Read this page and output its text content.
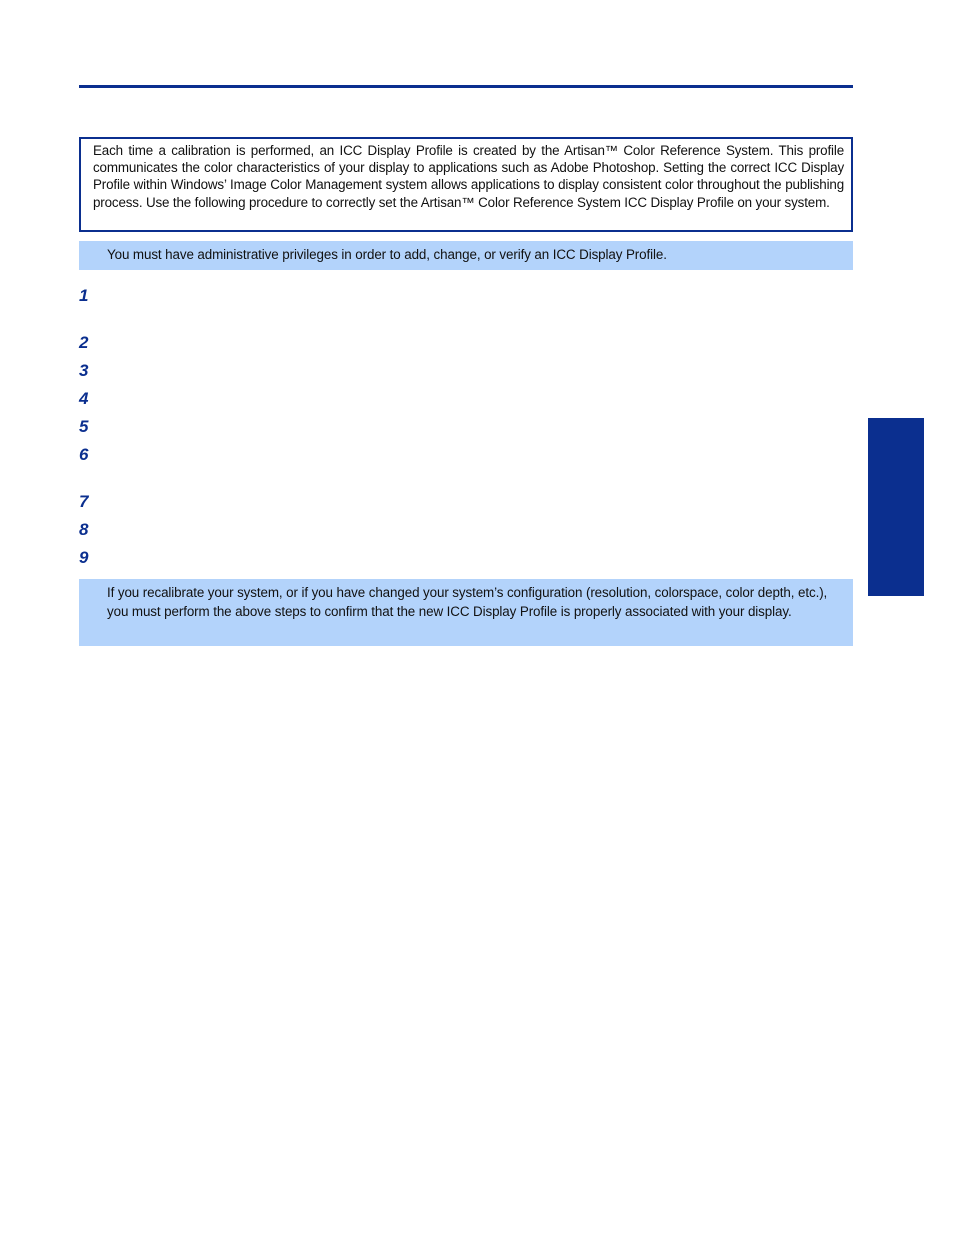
Each time a calibration is performed, an ICC Display Profile is created by the Artisan™ Color Reference System. This profile communicates the color characteristics of your display to applications such as Adobe Photoshop. Setting the correct ICC Display Profile within Windows’ Image Color Management system allows applications to display consistent color throughout the publishing process. Use the following procedure to correctly set the Artisan™ Color Reference System ICC Display Profile on your system.
You must have administrative privileges in order to add, change, or verify an ICC Display Profile.
1
2
3
4
5
6
7
8
9
If you recalibrate your system, or if you have changed your system’s configuration (resolution, colorspace, color depth, etc.), you must perform the above steps to confirm that the new ICC Display Profile is properly associated with your display.
